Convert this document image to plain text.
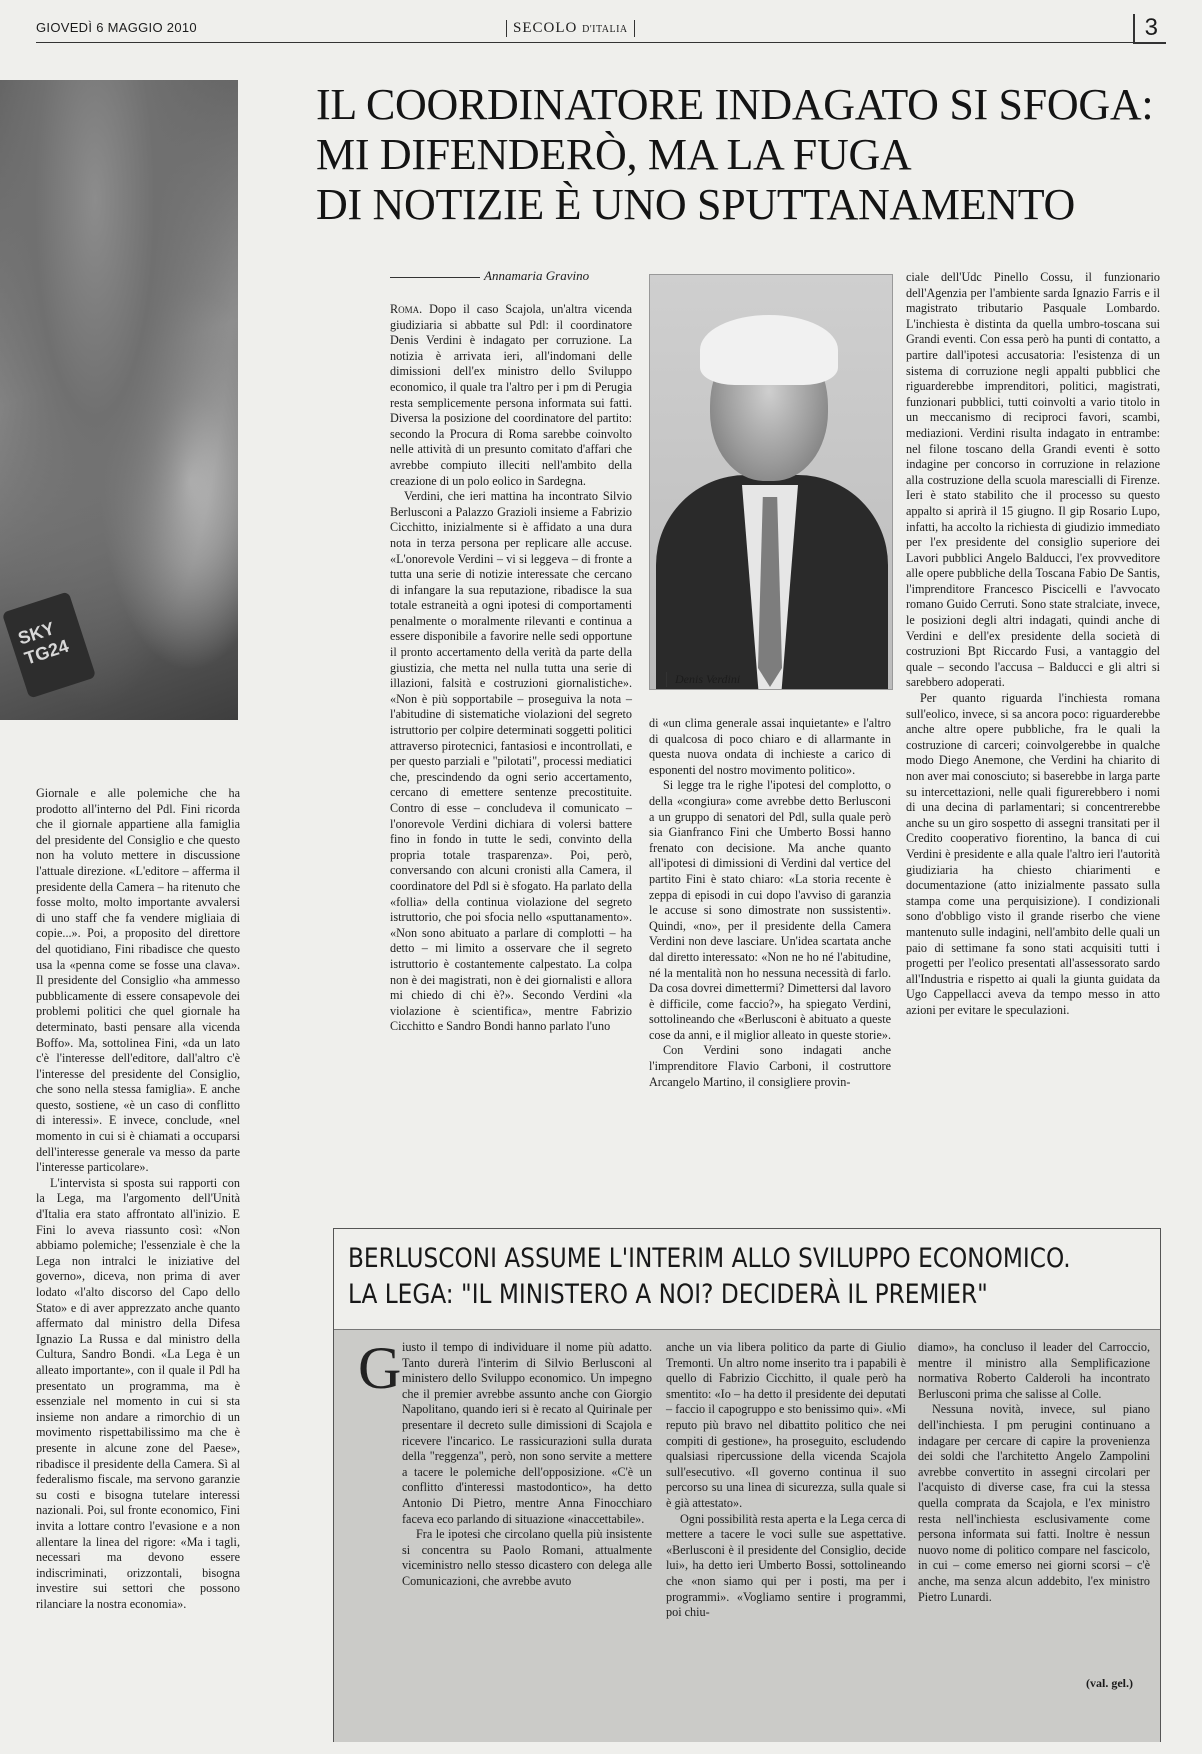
GIOVEDÌ 6 MAGGIO 2010	SECOLO D'ITALIA	3
SKY TG24
IL COORDINATORE INDAGATO SI SFOGA:
MI DIFENDERÒ, MA LA FUGA
DI NOTIZIE È UNO SPUTTANAMENTO
Annamaria Gravino

Giornale e alle polemiche che ha prodotto all'interno del Pdl. Fini ricorda che il giornale appartiene alla famiglia del presidente del Consiglio e che questo non ha voluto mettere in discussione l'attuale direzione. «L'editore – afferma il presidente della Camera – ha ritenuto che fosse molto, molto importante avvalersi di uno staff che fa vendere migliaia di copie...». Poi, a proposito del direttore del quotidiano, Fini ribadisce che questo usa la «penna come se fosse una clava». Il presidente del Consiglio «ha ammesso pubblicamente di essere consapevole dei problemi politici che quel giornale ha determinato, basti pensare alla vicenda Boffo». Ma, sottolinea Fini, «da un lato c'è l'interesse dell'editore, dall'altro c'è l'interesse del presidente del Consiglio, che sono nella stessa famiglia». E anche questo, sostiene, «è un caso di conflitto di interessi». E invece, conclude, «nel momento in cui si è chiamati a occuparsi dell'interesse generale va messo da parte l'interesse particolare».

L'intervista si sposta sui rapporti con la Lega, ma l'argomento dell'Unità d'Italia era stato affrontato all'inizio. E Fini lo aveva riassunto così: «Non abbiamo polemiche; l'essenziale è che la Lega non intralci le iniziative del governo», diceva, non prima di aver lodato «l'alto discorso del Capo dello Stato» e di aver apprezzato anche quanto affermato dal ministro della Difesa Ignazio La Russa e dal ministro della Cultura, Sandro Bondi. «La Lega è un alleato importante», con il quale il Pdl ha presentato un programma, ma è essenziale nel momento in cui si sta insieme non andare a rimorchio di un movimento rispettabilissimo ma che è presente in alcune zone del Paese», ribadisce il presidente della Camera. Sì al federalismo fiscale, ma servono garanzie su costi e bisogna tutelare interessi nazionali. Poi, sul fronte economico, Fini invita a lottare contro l'evasione e a non allentare la linea del rigore: «Ma i tagli, necessari ma devono essere indiscriminati, orizzontali, bisogna investire sui settori che possono rilanciare la nostra economia».

Roma. Dopo il caso Scajola, un'altra vicenda giudiziaria si abbatte sul Pdl: il coordinatore Denis Verdini è indagato per corruzione. La notizia è arrivata ieri, all'indomani delle dimissioni dell'ex ministro dello Sviluppo economico, il quale tra l'altro per i pm di Perugia resta semplicemente persona informata sui fatti. Diversa la posizione del coordinatore del partito: secondo la Procura di Roma sarebbe coinvolto nelle attività di un presunto comitato d'affari che avrebbe compiuto illeciti nell'ambito della creazione di un polo eolico in Sardegna.

Verdini, che ieri mattina ha incontrato Silvio Berlusconi a Palazzo Grazioli insieme a Fabrizio Cicchitto, inizialmente si è affidato a una dura nota in terza persona per replicare alle accuse. «L'onorevole Verdini – vi si leggeva – di fronte a tutta una serie di notizie interessate che cercano di infangare la sua reputazione, ribadisce la sua totale estraneità a ogni ipotesi di comportamenti penalmente o moralmente rilevanti e continua a essere disponibile a favorire nelle sedi opportune il pronto accertamento della verità da parte della giustizia, che metta nel nulla tutta una serie di illazioni, falsità e costruzioni giornalistiche». «Non è più sopportabile – proseguiva la nota – l'abitudine di sistematiche violazioni del segreto istruttorio per colpire determinati soggetti politici attraverso pirotecnici, fantasiosi e incontrollati, e per questo parziali e "pilotati", processi mediatici che, prescindendo da ogni serio accertamento, cercano di emettere sentenze precostituite. Contro di esse – concludeva il comunicato – l'onorevole Verdini dichiara di volersi battere fino in fondo in tutte le sedi, convinto della propria totale trasparenza». Poi, però, conversando con alcuni cronisti alla Camera, il coordinatore del Pdl si è sfogato. Ha parlato della «follia» della continua violazione del segreto istruttorio, che poi sfocia nello «sputtanamento». «Non sono abituato a parlare di complotti – ha detto – mi limito a osservare che il segreto istruttorio è costantemente calpestato. La colpa non è dei magistrati, non è dei giornalisti e allora mi chiedo di chi è?». Secondo Verdini «la violazione è scientifica», mentre Fabrizio Cicchitto e Sandro Bondi hanno parlato l'uno

Denis Verdini

di «un clima generale assai inquietante» e l'altro di qualcosa di poco chiaro e di allarmante in questa nuova ondata di inchieste a carico di esponenti del nostro movimento politico».

Si legge tra le righe l'ipotesi del complotto, o della «congiura» come avrebbe detto Berlusconi a un gruppo di senatori del Pdl, sulla quale però sia Gianfranco Fini che Umberto Bossi hanno frenato con decisione. Ma anche quanto all'ipotesi di dimissioni di Verdini dal vertice del partito Fini è stato chiaro: «La storia recente è zeppa di episodi in cui dopo l'avviso di garanzia le accuse si sono dimostrate non sussistenti». Quindi, «no», per il presidente della Camera Verdini non deve lasciare. Un'idea scartata anche dal diretto interessato: «Non ne ho né l'abitudine, né la mentalità non ho nessuna necessità di farlo. Da cosa dovrei dimettermi? Dimettersi dal lavoro è difficile, come faccio?», ha spiegato Verdini, sottolineando che «Berlusconi è abituato a queste cose da anni, e il miglior alleato in queste storie».

Con Verdini sono indagati anche l'imprenditore Flavio Carboni, il costruttore Arcangelo Martino, il consigliere provin-

ciale dell'Udc Pinello Cossu, il funzionario dell'Agenzia per l'ambiente sarda Ignazio Farris e il magistrato tributario Pasquale Lombardo. L'inchiesta è distinta da quella umbro-toscana sui Grandi eventi. Con essa però ha punti di contatto, a partire dall'ipotesi accusatoria: l'esistenza di un sistema di corruzione negli appalti pubblici che riguarderebbe imprenditori, politici, magistrati, funzionari pubblici, tutti coinvolti a vario titolo in un meccanismo di reciproci favori, scambi, mediazioni. Verdini risulta indagato in entrambe: nel filone toscano della Grandi eventi è sotto indagine per concorso in corruzione in relazione alla costruzione della scuola marescialli di Firenze. Ieri è stato stabilito che il processo su questo appalto si aprirà il 15 giugno. Il gip Rosario Lupo, infatti, ha accolto la richiesta di giudizio immediato per l'ex presidente del consiglio superiore dei Lavori pubblici Angelo Balducci, l'ex provveditore alle opere pubbliche della Toscana Fabio De Santis, l'imprenditore Francesco Piscicelli e l'avvocato romano Guido Cerruti. Sono state stralciate, invece, le posizioni degli altri indagati, quindi anche di Verdini e dell'ex presidente della società di costruzioni Bpt Riccardo Fusi, a vantaggio del quale – secondo l'accusa – Balducci e gli altri si sarebbero adoperati.

Per quanto riguarda l'inchiesta romana sull'eolico, invece, si sa ancora poco: riguarderebbe anche altre opere pubbliche, fra le quali la costruzione di carceri; coinvolgerebbe in qualche modo Diego Anemone, che Verdini ha chiarito di non aver mai conosciuto; si baserebbe in larga parte su intercettazioni, nelle quali figurerebbero i nomi di una decina di parlamentari; si concentrerebbe anche su un giro sospetto di assegni transitati per il Credito cooperativo fiorentino, la banca di cui Verdini è presidente e alla quale l'altro ieri l'autorità giudiziaria ha chiesto chiarimenti e documentazione (atto inizialmente passato sulla stampa come una perquisizione). I condizionali sono d'obbligo visto il grande riserbo che viene mantenuto sulle indagini, nell'ambito delle quali un paio di settimane fa sono stati acquisiti tutti i progetti per l'eolico presentati all'assessorato sardo all'Industria e rispetto ai quali la giunta guidata da Ugo Cappellacci aveva da tempo messo in atto azioni per evitare le speculazioni.

BERLUSCONI ASSUME L'INTERIM ALLO SVILUPPO ECONOMICO.
LA LEGA: "IL MINISTERO A NOI? DECIDERÀ IL PREMIER"
G iusto il tempo di individuare il nome più adatto. Tanto durerà l'interim di Silvio Berlusconi al ministero dello Sviluppo economico. Un impegno che il premier avrebbe assunto anche con Giorgio Napolitano, quando ieri si è recato al Quirinale per presentare il decreto sulle dimissioni di Scajola e ricevere l'incarico. Le rassicurazioni sulla durata della "reggenza", però, non sono servite a mettere a tacere le polemiche dell'opposizione. «C'è un conflitto d'interessi mastodontico», ha detto Antonio Di Pietro, mentre Anna Finocchiaro faceva eco parlando di situazione «inaccettabile».

Fra le ipotesi che circolano quella più insistente si concentra su Paolo Romani, attualmente viceministro nello stesso dicastero con delega alle Comunicazioni, che avrebbe avuto

anche un via libera politico da parte di Giulio Tremonti. Un altro nome inserito tra i papabili è quello di Fabrizio Cicchitto, il quale però ha smentito: «Io – ha detto il presidente dei deputati – faccio il capogruppo e sto benissimo qui». «Mi reputo più bravo nel dibattito politico che nei compiti di gestione», ha proseguito, escludendo qualsiasi ripercussione della vicenda Scajola sull'esecutivo. «Il governo continua il suo percorso su una linea di sicurezza, sulla quale si è già attestato».

Ogni possibilità resta aperta e la Lega cerca di mettere a tacere le voci sulle sue aspettative. «Berlusconi è il presidente del Consiglio, decide lui», ha detto ieri Umberto Bossi, sottolineando che «non siamo qui per i posti, ma per i programmi». «Vogliamo sentire i programmi, poi chiu-

diamo», ha concluso il leader del Carroccio, mentre il ministro alla Semplificazione normativa Roberto Calderoli ha incontrato Berlusconi prima che salisse al Colle.

Nessuna novità, invece, sul piano dell'inchiesta. I pm perugini continuano a indagare per cercare di capire la provenienza dei soldi che l'architetto Angelo Zampolini avrebbe convertito in assegni circolari per l'acquisto di diverse case, fra cui la stessa quella comprata da Scajola, e l'ex ministro resta nell'inchiesta esclusivamente come persona informata sui fatti. Inoltre è nessun nuovo nome di politico compare nel fascicolo, in cui – come emerso nei giorni scorsi – c'è anche, ma senza alcun addebito, l'ex ministro Pietro Lunardi.

(val. gel.)
